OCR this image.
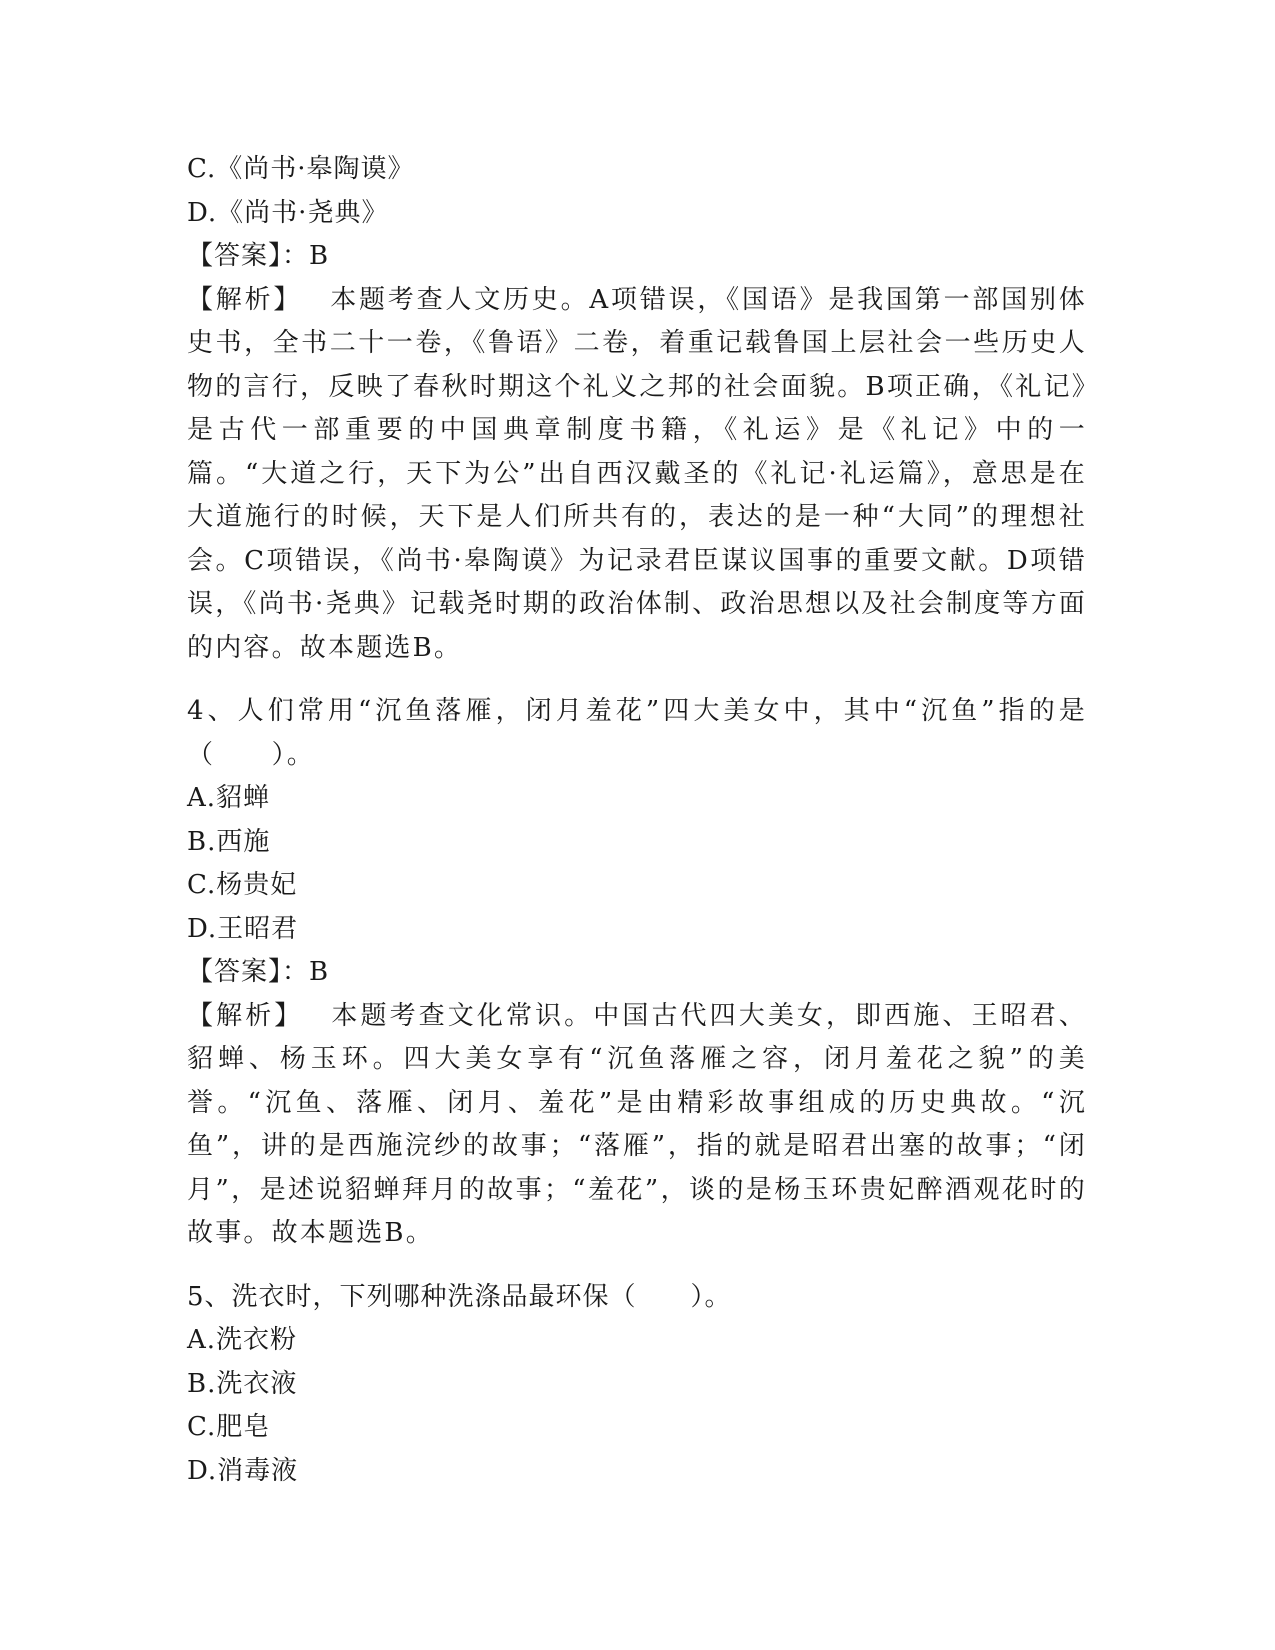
C.《尚书·皋陶谟》
D.《尚书·尧典》
【答案】：B
【解析】 本题考查人文历史。A项错误，《国语》是我国第一部国别体史书，全书二十一卷，《鲁语》二卷，着重记载鲁国上层社会一些历史人物的言行，反映了春秋时期这个礼义之邦的社会面貌。B项正确，《礼记》是古代一部重要的中国典章制度书籍，《礼运》是《礼记》中的一篇。“大道之行，天下为公”出自西汉戴圣的《礼记·礼运篇》，意思是在大道施行的时候，天下是人们所共有的，表达的是一种“大同”的理想社会。C项错误，《尚书·皋陶谟》为记录君臣谋议国事的重要文献。D项错误，《尚书·尧典》记载尧时期的政治体制、政治思想以及社会制度等方面的内容。故本题选B。
4、人们常用“沉鱼落雁，闭月羞花”四大美女中，其中“沉鱼”指的是（　　）。
A.貂蝉
B.西施
C.杨贵妃
D.王昭君
【答案】：B
【解析】 本题考查文化常识。中国古代四大美女，即西施、王昭君、貂蝉、杨玉环。四大美女享有“沉鱼落雁之容，闭月羞花之貌”的美誉。“沉鱼、落雁、闭月、羞花”是由精彩故事组成的历史典故。“沉鱼”，讲的是西施浣纱的故事；“落雁”，指的就是昭君出塞的故事；“闭月”，是述说貂蝉拜月的故事；“羞花”，谈的是杨玉环贵妃醉酒观花时的故事。故本题选B。
5、洗衣时，下列哪种洗涤品最环保（　　）。
A.洗衣粉
B.洗衣液
C.肥皂
D.消毒液
